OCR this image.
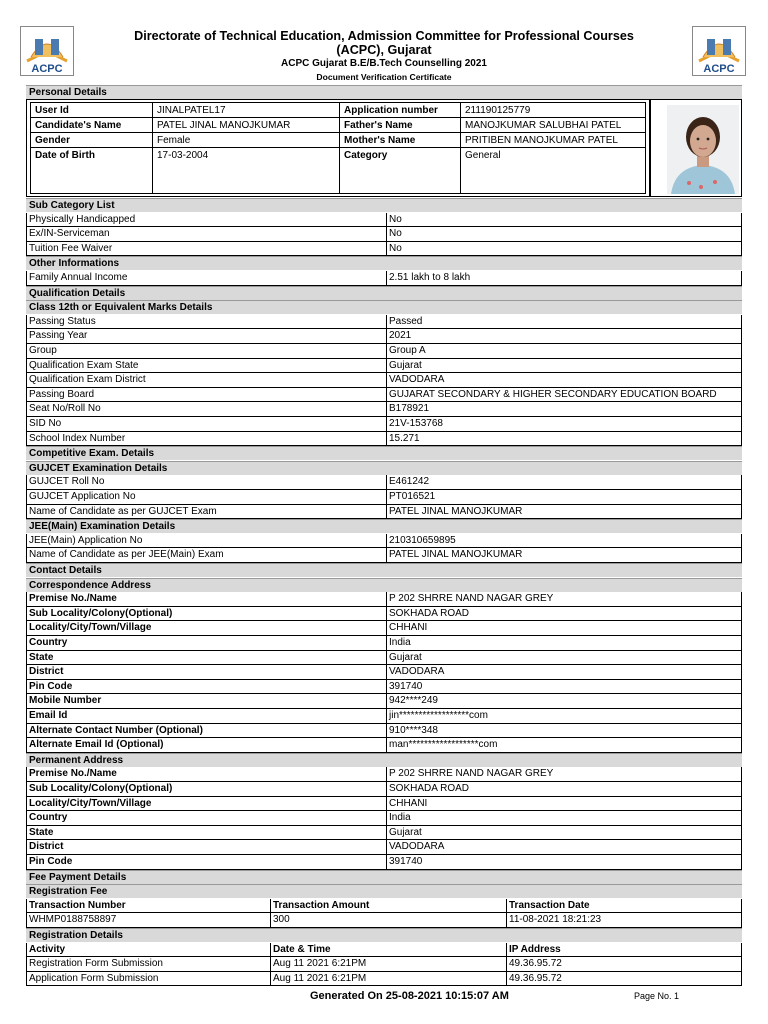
ACPC	ACPC
Directorate of Technical Education, Admission Committee for Professional Courses (ACPC), Gujarat
ACPC Gujarat B.E/B.Tech Counselling 2021
Document Verification Certificate
Personal Details
User Id	JINALPATEL17	Application number	211190125779
Candidate's Name	PATEL JINAL MANOJKUMAR	Father's Name	MANOJKUMAR SALUBHAI PATEL
Gender	Female	Mother's Name	PRITIBEN MANOJKUMAR PATEL
Date of Birth	17-03-2004	Category	General
Sub Category List
Physically Handicapped	No
Ex/IN-Serviceman	No
Tuition Fee Waiver	No
Other Informations
Family Annual Income	2.51 lakh to 8 lakh
Qualification Details
Class 12th or Equivalent Marks Details
Passing Status	Passed
Passing Year	2021
Group	Group A
Qualification Exam State	Gujarat
Qualification Exam District	VADODARA
Passing Board	GUJARAT SECONDARY & HIGHER SECONDARY EDUCATION BOARD
Seat No/Roll No	B178921
SID No	21V-153768
School Index Number	15.271
Competitive Exam. Details
GUJCET Examination Details
GUJCET Roll No	E461242
GUJCET Application No	PT016521
Name of Candidate as per GUJCET Exam	PATEL JINAL MANOJKUMAR
JEE(Main) Examination Details
JEE(Main) Application No	210310659895
Name of Candidate as per JEE(Main) Exam	PATEL JINAL MANOJKUMAR
Contact Details
Correspondence Address
Premise No./Name	P 202 SHRRE NAND NAGAR GREY
Sub Locality/Colony(Optional)	SOKHADA ROAD
Locality/City/Town/Village	CHHANI
Country	India
State	Gujarat
District	VADODARA
Pin Code	391740
Mobile Number	942****249
Email Id	jin******************com
Alternate Contact Number (Optional)	910****348
Alternate Email Id (Optional)	man******************com
Permanent Address
Premise No./Name	P 202 SHRRE NAND NAGAR GREY
Sub Locality/Colony(Optional)	SOKHADA ROAD
Locality/City/Town/Village	CHHANI
Country	India
State	Gujarat
District	VADODARA
Pin Code	391740
Fee Payment Details
Registration Fee
Transaction Number	Transaction Amount	Transaction Date
WHMP0188758897	300	11-08-2021 18:21:23
Registration Details
Activity	Date & Time	IP Address
Registration Form Submission	Aug 11 2021 6:21PM	49.36.95.72
Application Form Submission	Aug 11 2021 6:21PM	49.36.95.72
Generated On 25-08-2021 10:15:07 AM	Page No. 1
